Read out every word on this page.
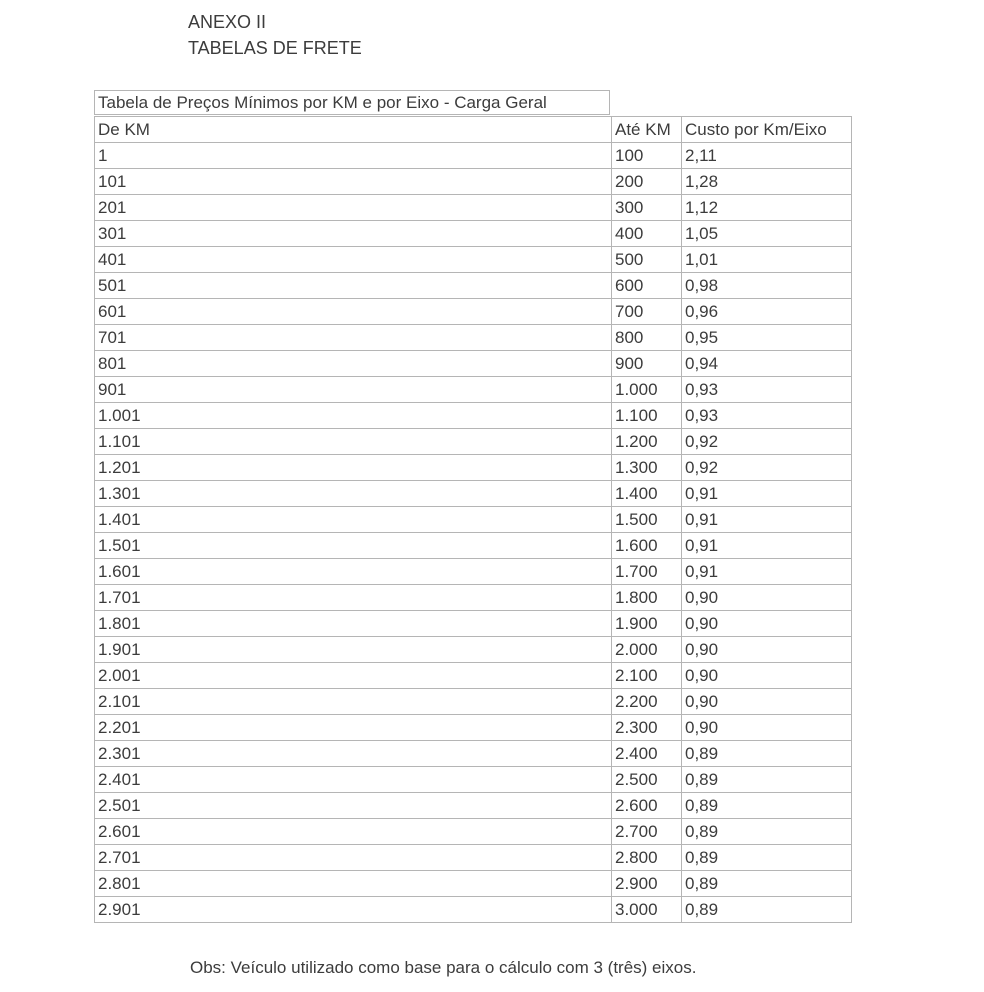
ANEXO II
TABELAS DE FRETE
Tabela de Preços Mínimos por KM e por Eixo - Carga Geral
De KM	Até KM	Custo por Km/Eixo
1	100	2,11
101	200	1,28
201	300	1,12
301	400	1,05
401	500	1,01
501	600	0,98
601	700	0,96
701	800	0,95
801	900	0,94
901	1.000	0,93
1.001	1.100	0,93
1.101	1.200	0,92
1.201	1.300	0,92
1.301	1.400	0,91
1.401	1.500	0,91
1.501	1.600	0,91
1.601	1.700	0,91
1.701	1.800	0,90
1.801	1.900	0,90
1.901	2.000	0,90
2.001	2.100	0,90
2.101	2.200	0,90
2.201	2.300	0,90
2.301	2.400	0,89
2.401	2.500	0,89
2.501	2.600	0,89
2.601	2.700	0,89
2.701	2.800	0,89
2.801	2.900	0,89
2.901	3.000	0,89
Obs: Veículo utilizado como base para o cálculo com 3 (três) eixos.
